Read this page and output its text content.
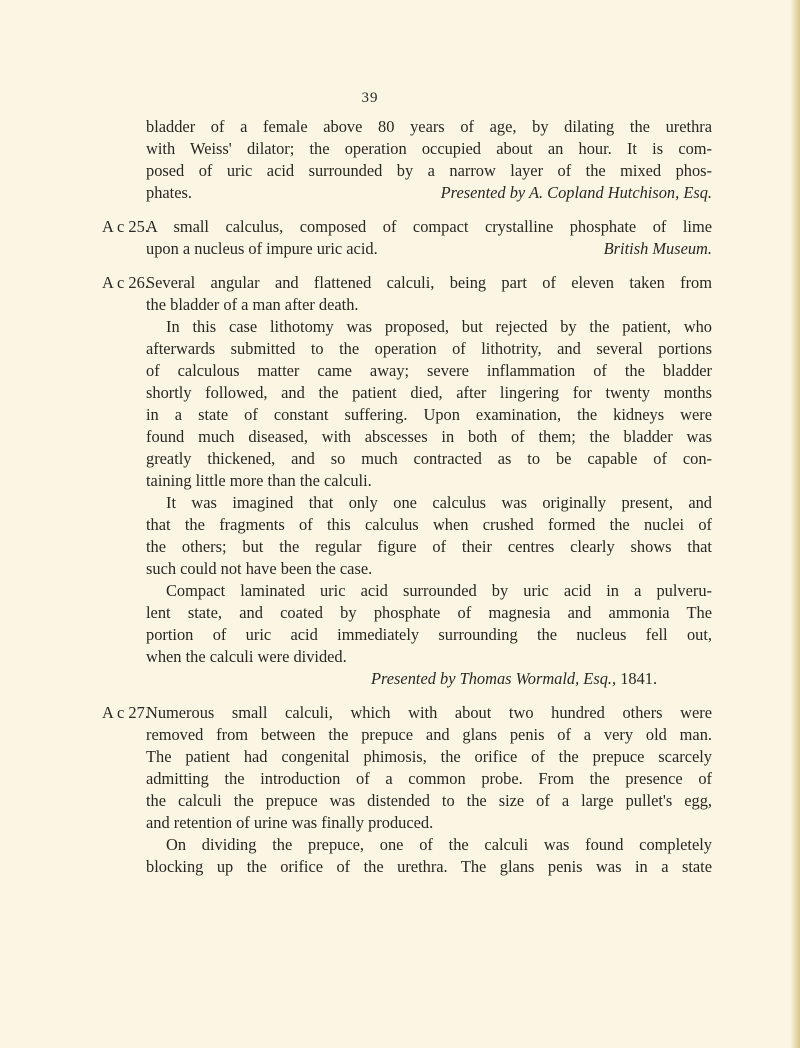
39
bladder of a female above 80 years of age, by dilating the urethra
with Weiss' dilator; the operation occupied about an hour. It is com-
posed of uric acid surrounded by a narrow layer of the mixed phos-
phates.	Presented by A. Copland Hutchison, Esq.
A c 25.
A small calculus, composed of compact crystalline phosphate of lime
upon a nucleus of impure uric acid.	British Museum.
A c 26.
Several angular and flattened calculi, being part of eleven taken from
the bladder of a man after death.
In this case lithotomy was proposed, but rejected by the patient, who
afterwards submitted to the operation of lithotrity, and several portions
of calculous matter came away; severe inflammation of the bladder
shortly followed, and the patient died, after lingering for twenty months
in a state of constant suffering. Upon examination, the kidneys were
found much diseased, with abscesses in both of them; the bladder was
greatly thickened, and so much contracted as to be capable of con-
taining little more than the calculi.
It was imagined that only one calculus was originally present, and
that the fragments of this calculus when crushed formed the nuclei of
the others; but the regular figure of their centres clearly shows that
such could not have been the case.
Compact laminated uric acid surrounded by uric acid in a pulveru-
lent state, and coated by phosphate of magnesia and ammonia The
portion of uric acid immediately surrounding the nucleus fell out,
when the calculi were divided.
Presented by Thomas Wormald, Esq., 1841.
A c 27.
Numerous small calculi, which with about two hundred others were
removed from between the prepuce and glans penis of a very old man.
The patient had congenital phimosis, the orifice of the prepuce scarcely
admitting the introduction of a common probe. From the presence of
the calculi the prepuce was distended to the size of a large pullet's egg,
and retention of urine was finally produced.
On dividing the prepuce, one of the calculi was found completely
blocking up the orifice of the urethra. The glans penis was in a state
